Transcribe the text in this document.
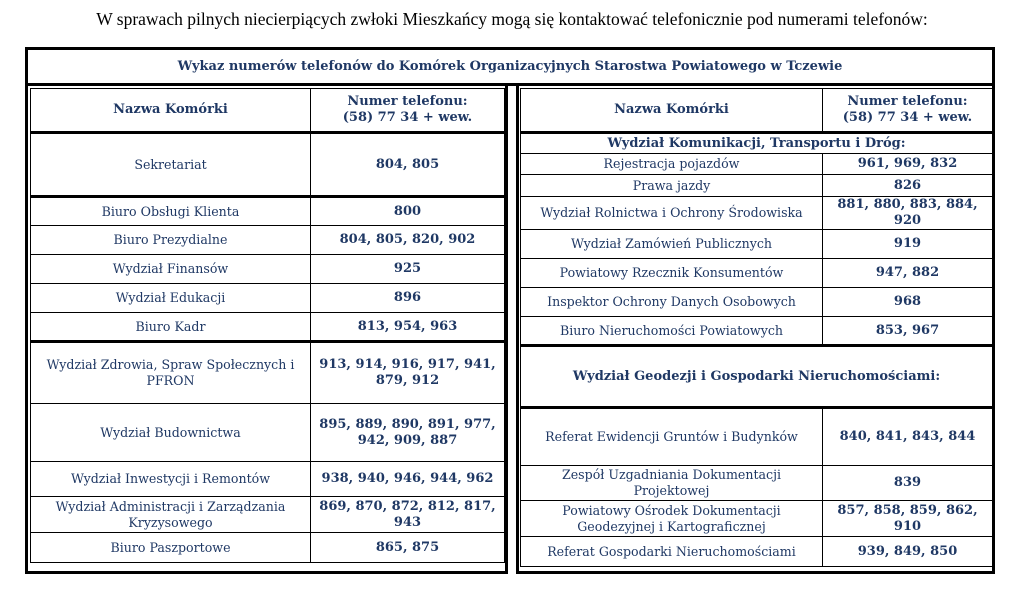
W sprawach pilnych niecierpiących zwłoki Mieszkańcy mogą się kontaktować telefonicznie pod numerami telefonów:
Wykaz numerów telefonów do Komórek Organizacyjnych Starostwa Powiatowego w Tczewie
Nazwa Komórki	Numer telefonu:
(58) 77 34 + wew.
Sekretariat	804, 805
Biuro Obsługi Klienta	800
Biuro Prezydialne	804, 805, 820, 902
Wydział Finansów	925
Wydział Edukacji	896
Biuro Kadr	813, 954, 963
Wydział Zdrowia, Spraw Społecznych i PFRON	913, 914, 916, 917, 941, 879, 912
Wydział Budownictwa	895, 889, 890, 891, 977, 942, 909, 887
Wydział Inwestycji i Remontów	938, 940, 946, 944, 962
Wydział Administracji i Zarządzania Kryzysowego	869, 870, 872, 812, 817, 943
Biuro Paszportowe	865, 875
Nazwa Komórki	Numer telefonu:
(58) 77 34 + wew.
Wydział Komunikacji, Transportu i Dróg:	
Rejestracja pojazdów	961, 969, 832
Prawa jazdy	826
Wydział Rolnictwa i Ochrony Środowiska	881, 880, 883, 884, 920
Wydział Zamówień Publicznych	919
Powiatowy Rzecznik Konsumentów	947, 882
Inspektor Ochrony Danych Osobowych	968
Biuro Nieruchomości Powiatowych	853, 967
Wydział Geodezji i Gospodarki Nieruchomościami:	
Referat Ewidencji Gruntów i Budynków	840, 841, 843, 844
Zespół Uzgadniania Dokumentacji Projektowej	839
Powiatowy Ośrodek Dokumentacji Geodezyjnej i Kartograficznej	857, 858, 859, 862, 910
Referat Gospodarki Nieruchomościami	939, 849, 850
